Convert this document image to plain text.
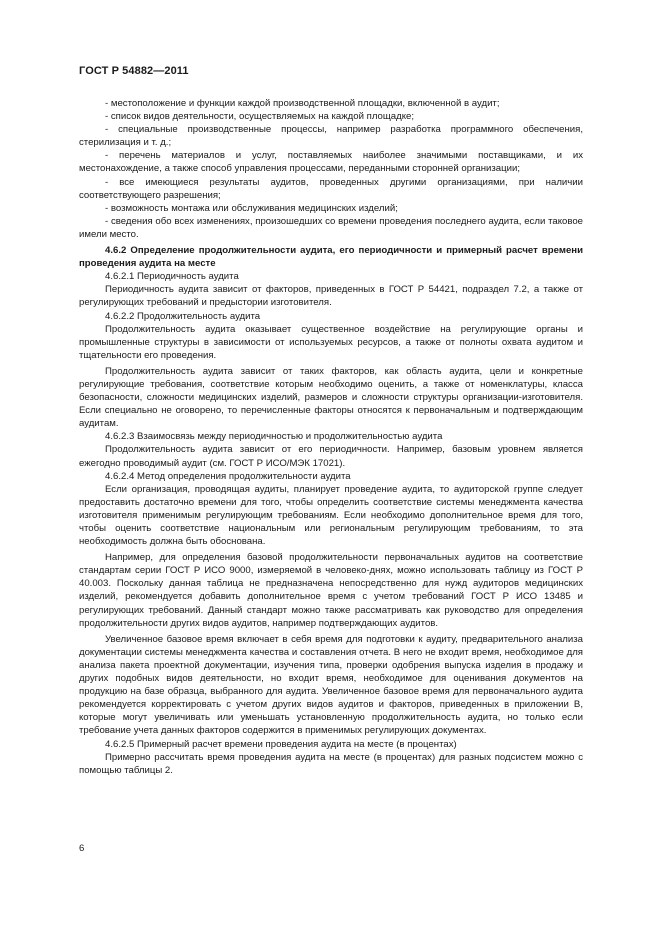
ГОСТ Р 54882—2011

- местоположение и функции каждой производственной площадки, включенной в аудит;

- список видов деятельности, осуществляемых на каждой площадке;

- специальные производственные процессы, например разработка программного обеспечения, стерилизация и т. д.;

- перечень материалов и услуг, поставляемых наиболее значимыми поставщиками, и их местонахождение, а также способ управления процессами, переданными сторонней организации;

- все имеющиеся результаты аудитов, проведенных другими организациями, при наличии соответствующего разрешения;

- возможность монтажа или обслуживания медицинских изделий;

- сведения обо всех изменениях, произошедших со времени проведения последнего аудита, если таковое имели место.

4.6.2 Определение продолжительности аудита, его периодичности и примерный расчет времени проведения аудита на месте

4.6.2.1 Периодичность аудита

Периодичность аудита зависит от факторов, приведенных в ГОСТ Р 54421, подраздел 7.2, а также от регулирующих требований и предыстории изготовителя.

4.6.2.2 Продолжительность аудита

Продолжительность аудита оказывает существенное воздействие на регулирующие органы и промышленные структуры в зависимости от используемых ресурсов, а также от полноты охвата аудитом и тщательности его проведения.

Продолжительность аудита зависит от таких факторов, как область аудита, цели и конкретные регулирующие требования, соответствие которым необходимо оценить, а также от номенклатуры, класса безопасности, сложности медицинских изделий, размеров и сложности структуры организации-изготовителя. Если специально не оговорено, то перечисленные факторы относятся к первоначальным и подтверждающим аудитам.

4.6.2.3 Взаимосвязь между периодичностью и продолжительностью аудита

Продолжительность аудита зависит от его периодичности. Например, базовым уровнем является ежегодно проводимый аудит (см. ГОСТ Р ИСО/МЭК 17021).

4.6.2.4 Метод определения продолжительности аудита

Если организация, проводящая аудиты, планирует проведение аудита, то аудиторской группе следует предоставить достаточно времени для того, чтобы определить соответствие системы менеджмента качества изготовителя применимым регулирующим требованиям. Если необходимо дополнительное время для того, чтобы оценить соответствие национальным или региональным регулирующим требованиям, то эта необходимость должна быть обоснована.

Например, для определения базовой продолжительности первоначальных аудитов на соответствие стандартам серии ГОСТ Р ИСО 9000, измеряемой в человеко-днях, можно использовать таблицу из ГОСТ Р 40.003. Поскольку данная таблица не предназначена непосредственно для нужд аудиторов медицинских изделий, рекомендуется добавить дополнительное время с учетом требований ГОСТ Р ИСО 13485 и регулирующих требований. Данный стандарт можно также рассматривать как руководство для определения продолжительности других видов аудитов, например подтверждающих аудитов.

Увеличенное базовое время включает в себя время для подготовки к аудиту, предварительного анализа документации системы менеджмента качества и составления отчета. В него не входит время, необходимое для анализа пакета проектной документации, изучения типа, проверки одобрения выпуска изделия в продажу и других подобных видов деятельности, но входит время, необходимое для оценивания документов на продукцию на базе образца, выбранного для аудита. Увеличенное базовое время для первоначального аудита рекомендуется корректировать с учетом других видов аудитов и факторов, приведенных в приложении В, которые могут увеличивать или уменьшать установленную продолжительность аудита, но только если требование учета данных факторов содержится в применимых регулирующих документах.

4.6.2.5 Примерный расчет времени проведения аудита на месте (в процентах)

Примерно рассчитать время проведения аудита на месте (в процентах) для разных подсистем можно с помощью таблицы 2.

6
